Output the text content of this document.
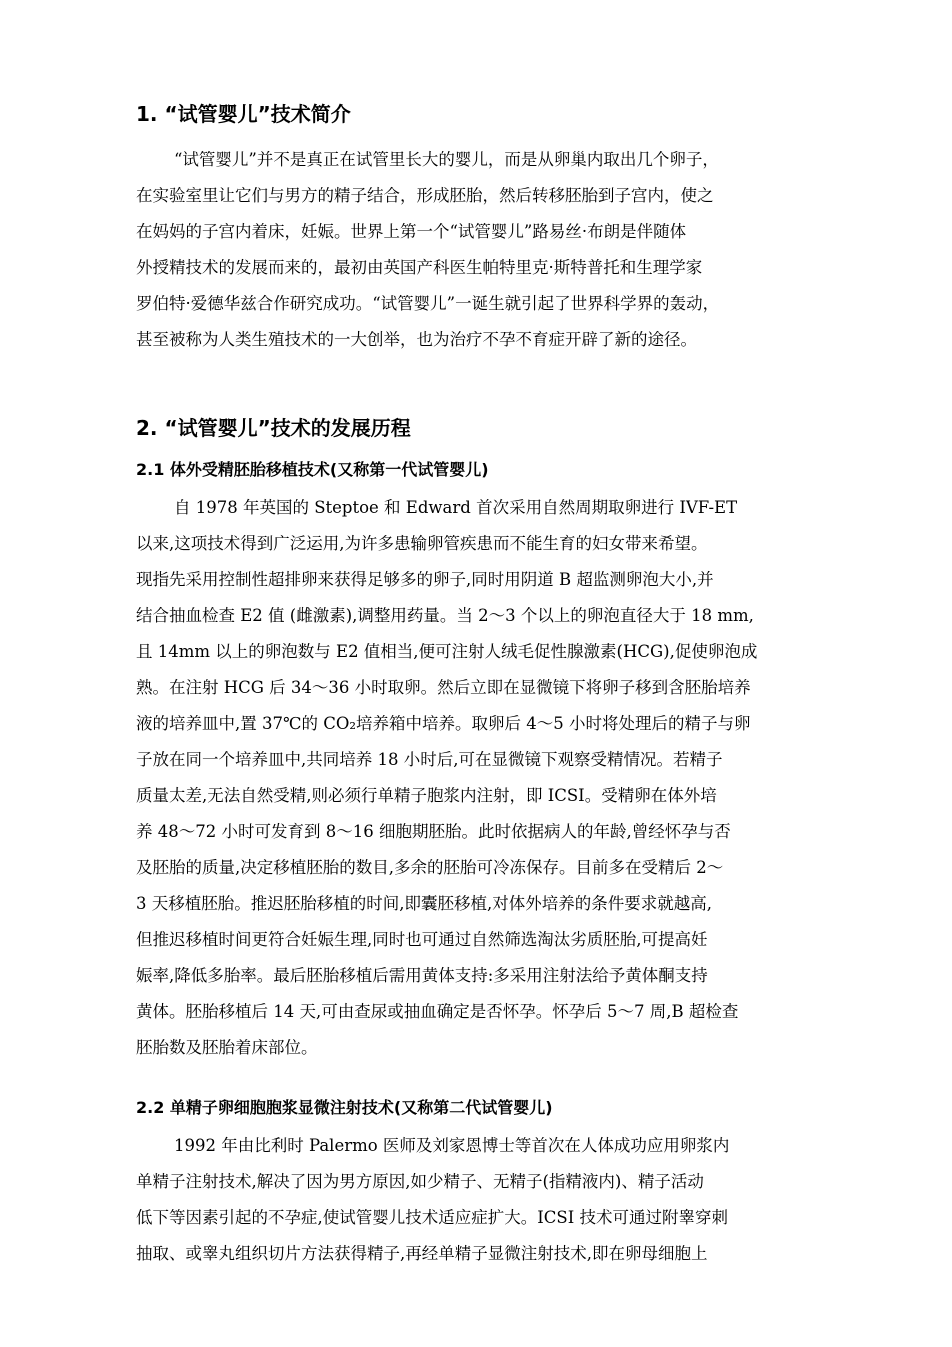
1. “试管婴儿”技术简介
“试管婴儿”并不是真正在试管里长大的婴儿，而是从卵巢内取出几个卵子，
在实验室里让它们与男方的精子结合，形成胚胎，然后转移胚胎到子宫内，使之
在妈妈的子宫内着床，妊娠。世界上第一个“试管婴儿”路易丝·布朗是伴随体
外授精技术的发展而来的，最初由英国产科医生帕特里克·斯特普托和生理学家
罗伯特·爱德华兹合作研究成功。“试管婴儿”一诞生就引起了世界科学界的轰动，
甚至被称为人类生殖技术的一大创举，也为治疗不孕不育症开辟了新的途径。
2. “试管婴儿”技术的发展历程
2.1 体外受精胚胎移植技术(又称第一代试管婴儿)
自 1978 年英国的 Steptoe 和 Edward 首次采用自然周期取卵进行 IVF-ET
以来,这项技术得到广泛运用,为许多患输卵管疾患而不能生育的妇女带来希望。
现指先采用控制性超排卵来获得足够多的卵子,同时用阴道 B 超监测卵泡大小,并
结合抽血检查 E2 值 (雌激素),调整用药量。当 2～3 个以上的卵泡直径大于 18 mm,
且 14mm 以上的卵泡数与 E2 值相当,便可注射人绒毛促性腺激素(HCG),促使卵泡成
熟。在注射 HCG 后 34～36 小时取卵。然后立即在显微镜下将卵子移到含胚胎培养
液的培养皿中,置 37℃的 CO₂培养箱中培养。取卵后 4～5 小时将处理后的精子与卵
子放在同一个培养皿中,共同培养 18 小时后,可在显微镜下观察受精情况。若精子
质量太差,无法自然受精,则必须行单精子胞浆内注射，即 ICSI。受精卵在体外培
养 48～72 小时可发育到 8～16 细胞期胚胎。此时依据病人的年龄,曾经怀孕与否
及胚胎的质量,决定移植胚胎的数目,多余的胚胎可冷冻保存。目前多在受精后 2～
3 天移植胚胎。推迟胚胎移植的时间,即囊胚移植,对体外培养的条件要求就越高,
但推迟移植时间更符合妊娠生理,同时也可通过自然筛选淘汰劣质胚胎,可提高妊
娠率,降低多胎率。最后胚胎移植后需用黄体支持:多采用注射法给予黄体酮支持
黄体。胚胎移植后 14 天,可由查尿或抽血确定是否怀孕。怀孕后 5～7 周,B 超检查
胚胎数及胚胎着床部位。
2.2 单精子卵细胞胞浆显微注射技术(又称第二代试管婴儿)
1992 年由比利时 Palermo 医师及刘家恩博士等首次在人体成功应用卵浆内
单精子注射技术,解决了因为男方原因,如少精子、无精子(指精液内)、精子活动
低下等因素引起的不孕症,使试管婴儿技术适应症扩大。ICSI 技术可通过附睾穿刺
抽取、或睾丸组织切片方法获得精子,再经单精子显微注射技术,即在卵母细胞上
